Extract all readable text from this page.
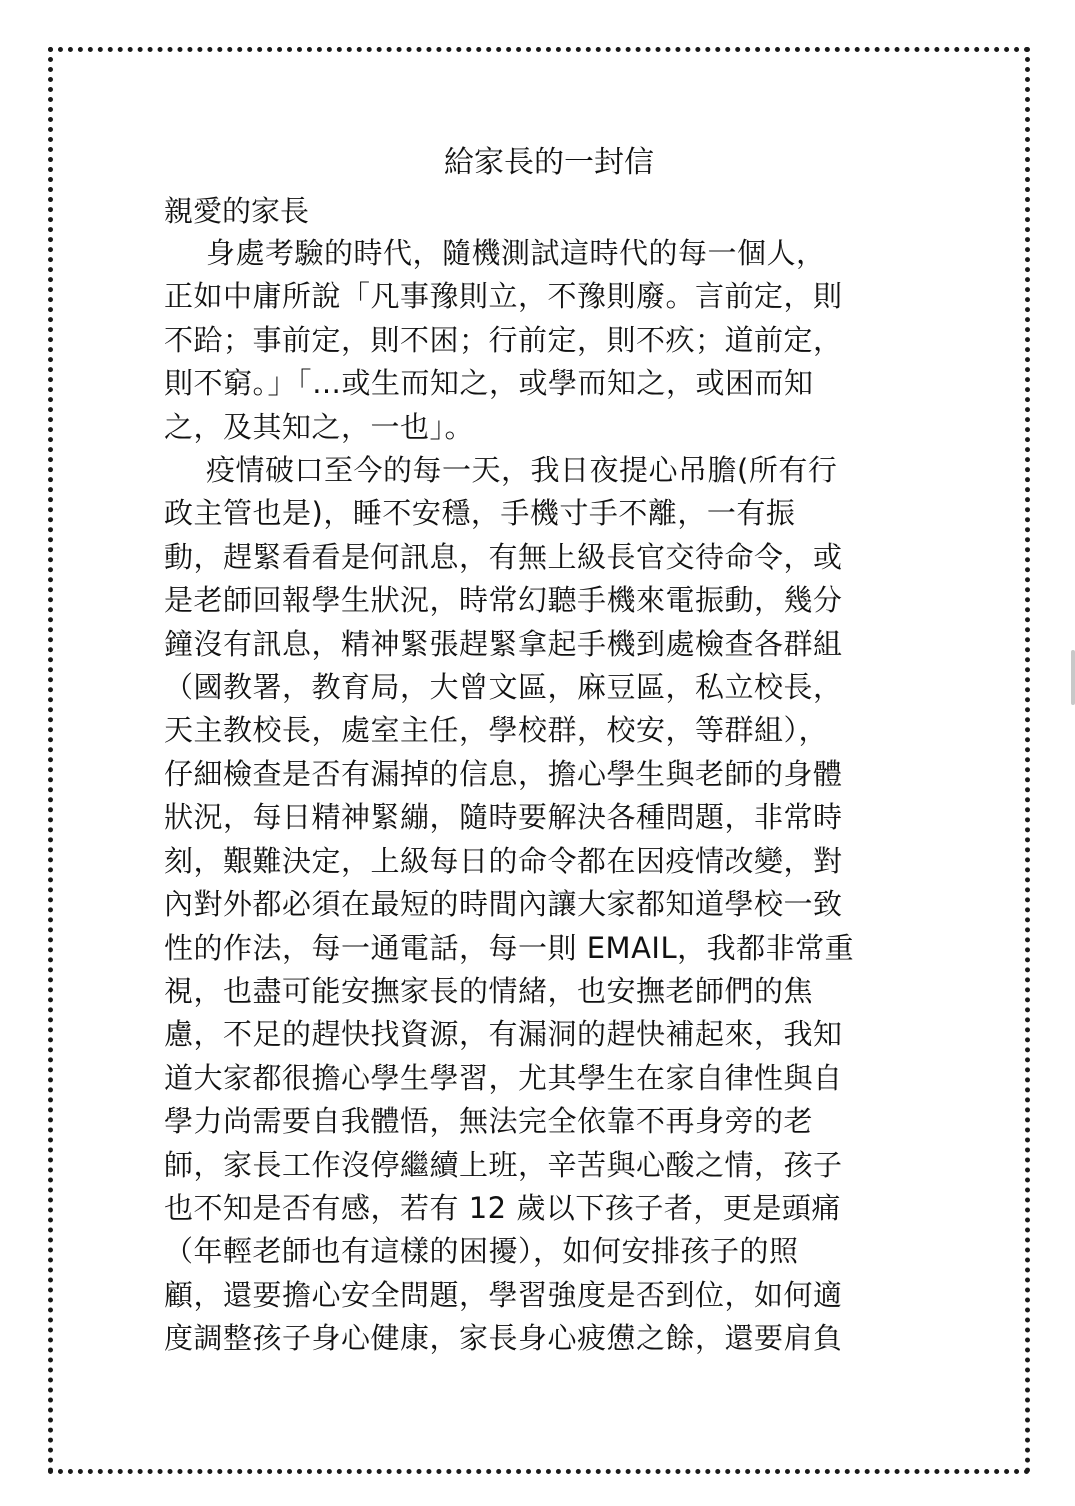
給家長的一封信

親愛的家長

身處考驗的時代，隨機測試這時代的每一個人，
正如中庸所說「凡事豫則立，不豫則廢。言前定，則
不跲；事前定，則不困；行前定，則不疚；道前定，
則不窮。」「…或生而知之，或學而知之，或困而知
之，及其知之，一也」。
疫情破口至今的每一天，我日夜提心吊膽(所有行
政主管也是)，睡不安穩，手機寸手不離，一有振
動，趕緊看看是何訊息，有無上級長官交待命令，或
是老師回報學生狀況，時常幻聽手機來電振動，幾分
鐘沒有訊息，精神緊張趕緊拿起手機到處檢查各群組
（國教署，教育局，大曾文區，麻豆區，私立校長，
天主教校長，處室主任，學校群，校安，等群組），
仔細檢查是否有漏掉的信息，擔心學生與老師的身體
狀況，每日精神緊繃，隨時要解決各種問題，非常時
刻，艱難決定，上級每日的命令都在因疫情改變，對
內對外都必須在最短的時間內讓大家都知道學校一致
性的作法，每一通電話，每一則 EMAIL，我都非常重
視，也盡可能安撫家長的情緒，也安撫老師們的焦
慮，不足的趕快找資源，有漏洞的趕快補起來，我知
道大家都很擔心學生學習，尤其學生在家自律性與自
學力尚需要自我體悟，無法完全依靠不再身旁的老
師，家長工作沒停繼續上班，辛苦與心酸之情，孩子
也不知是否有感，若有 12 歲以下孩子者，更是頭痛
（年輕老師也有這樣的困擾），如何安排孩子的照
顧，還要擔心安全問題，學習強度是否到位，如何適
度調整孩子身心健康，家長身心疲憊之餘，還要肩負
